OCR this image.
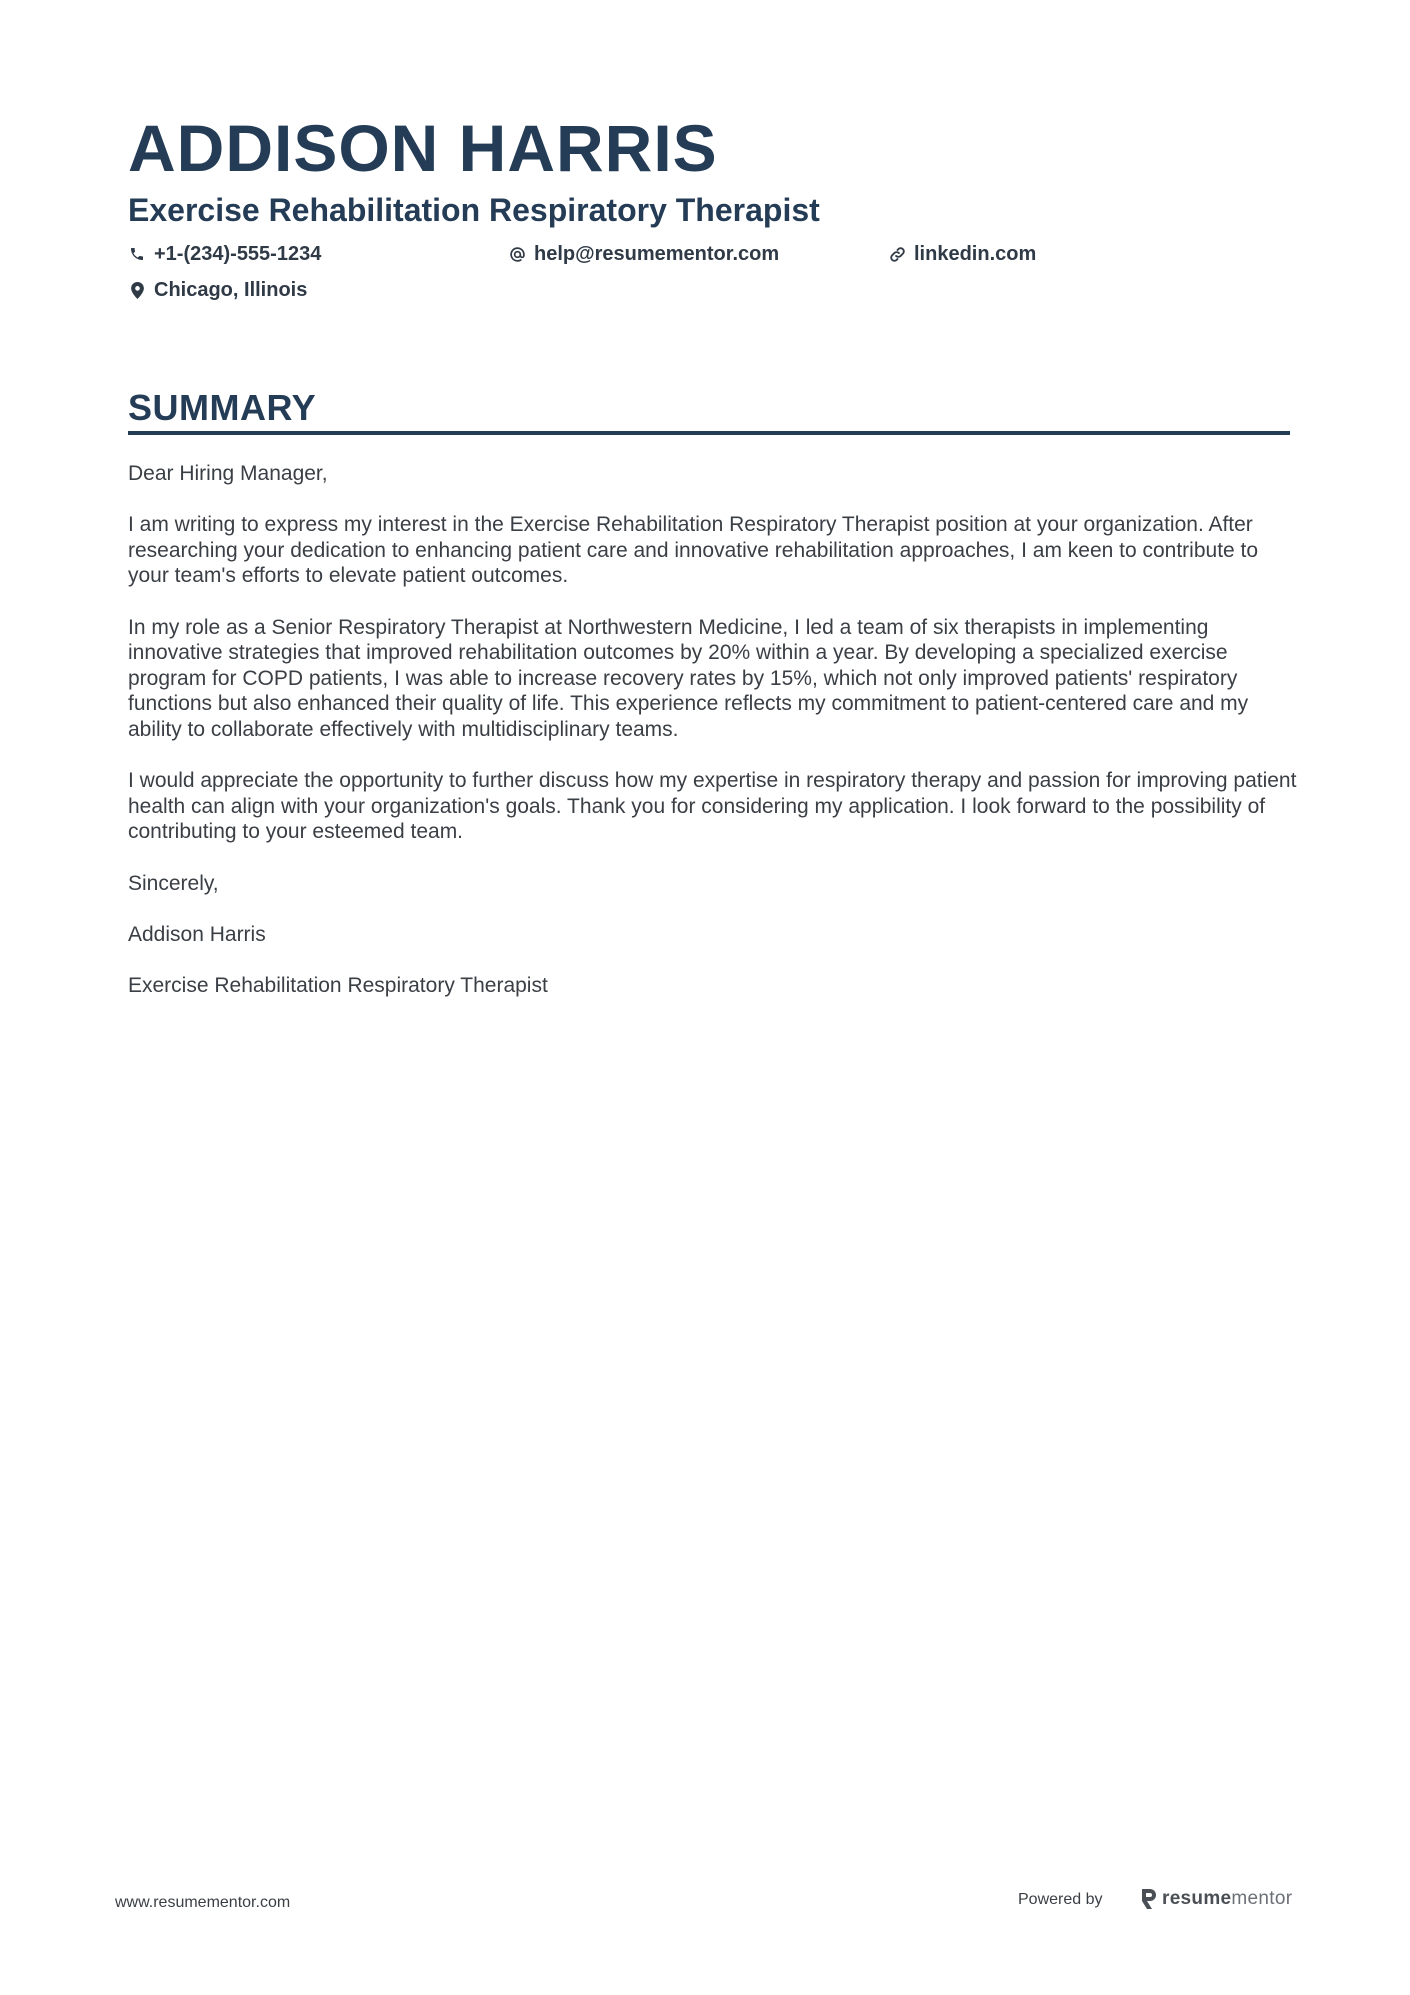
ADDISON HARRIS
Exercise Rehabilitation Respiratory Therapist
+1-(234)-555-1234	help@resumementor.com	linkedin.com
Chicago, Illinois
SUMMARY

Dear Hiring Manager,

I am writing to express my interest in the Exercise Rehabilitation Respiratory Therapist position at your organization. After researching your dedication to enhancing patient care and innovative rehabilitation approaches, I am keen to contribute to your team's efforts to elevate patient outcomes.

In my role as a Senior Respiratory Therapist at Northwestern Medicine, I led a team of six therapists in implementing innovative strategies that improved rehabilitation outcomes by 20% within a year. By developing a specialized exercise program for COPD patients, I was able to increase recovery rates by 15%, which not only improved patients' respiratory functions but also enhanced their quality of life. This experience reflects my commitment to patient-centered care and my ability to collaborate effectively with multidisciplinary teams.

I would appreciate the opportunity to further discuss how my expertise in respiratory therapy and passion for improving patient health can align with your organization's goals. Thank you for considering my application. I look forward to the possibility of contributing to your esteemed team.

Sincerely,

Addison Harris

Exercise Rehabilitation Respiratory Therapist

www.resumementor.com	Powered by	resumementor
